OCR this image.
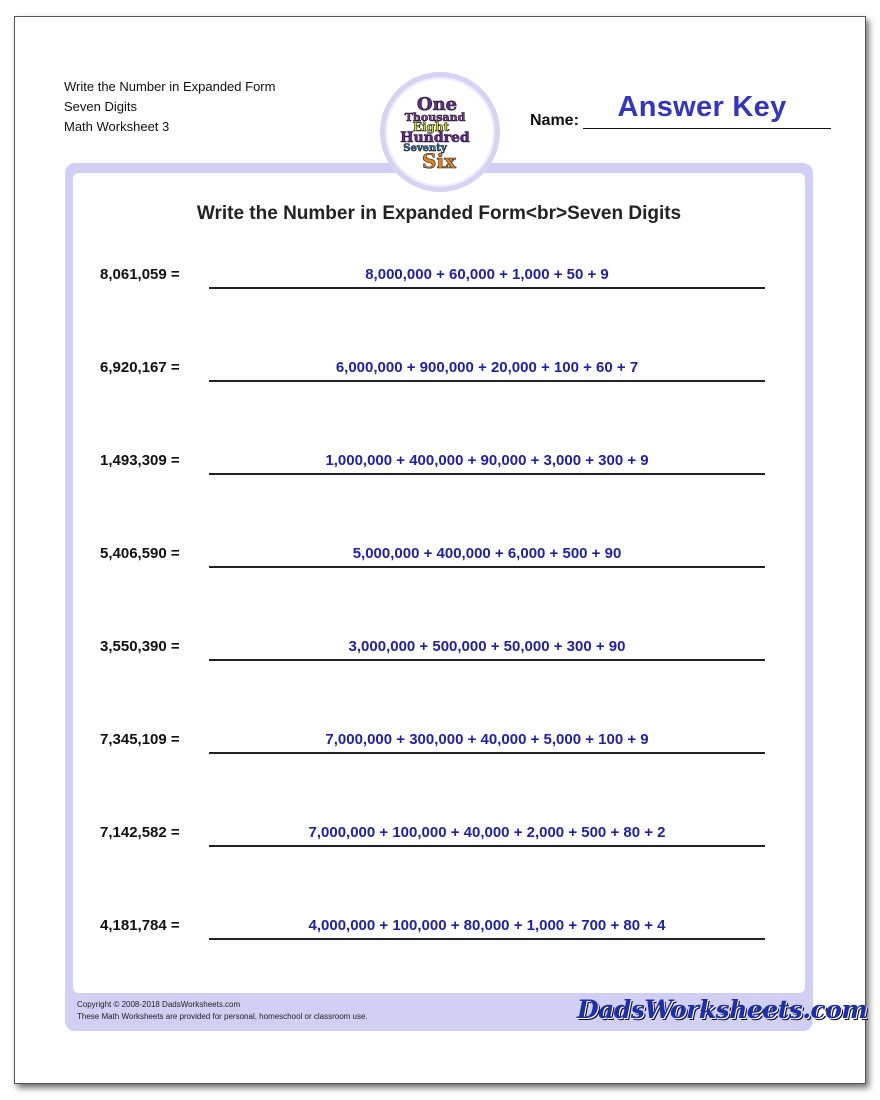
Write the Number in Expanded Form
Seven Digits
Math Worksheet 3
One
Thousand
Eight
Hundred
Seventy
Six
Answer Key
Name:
Write the Number in Expanded Form<br>Seven Digits
8,061,059 =	8,000,000 + 60,000 + 1,000 + 50 + 9
6,920,167 =	6,000,000 + 900,000 + 20,000 + 100 + 60 + 7
1,493,309 =	1,000,000 + 400,000 + 90,000 + 3,000 + 300 + 9
5,406,590 =	5,000,000 + 400,000 + 6,000 + 500 + 90
3,550,390 =	3,000,000 + 500,000 + 50,000 + 300 + 90
7,345,109 =	7,000,000 + 300,000 + 40,000 + 5,000 + 100 + 9
7,142,582 =	7,000,000 + 100,000 + 40,000 + 2,000 + 500 + 80 + 2
4,181,784 =	4,000,000 + 100,000 + 80,000 + 1,000 + 700 + 80 + 4
Copyright © 2008-2018 DadsWorksheets.com
These Math Worksheets are provided for personal, homeschool or classroom use.	DadsWorksheets.com
